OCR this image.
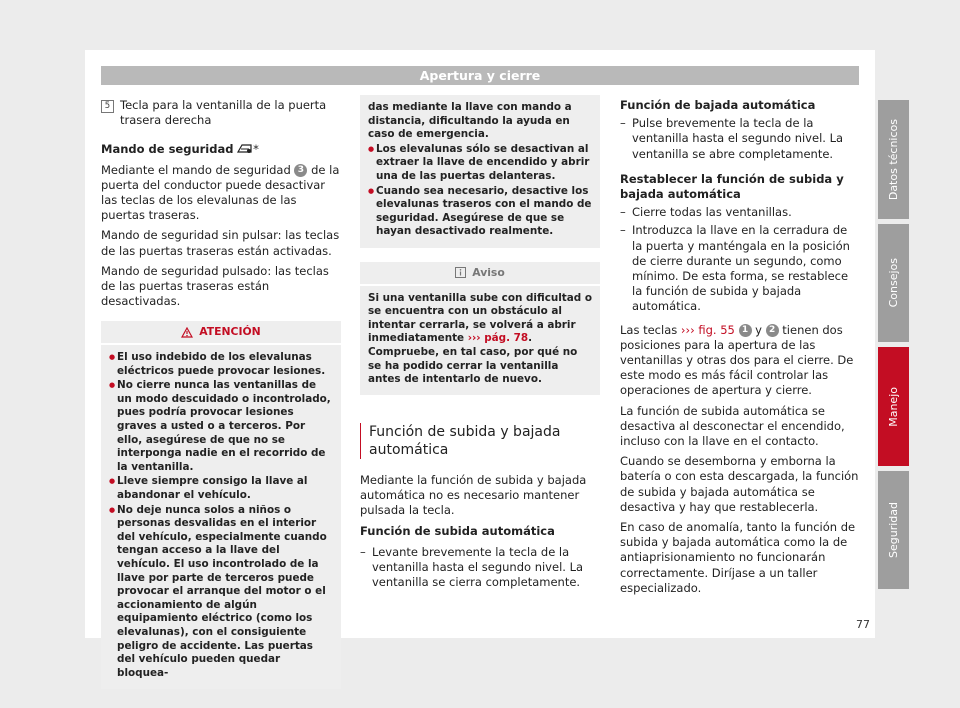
Apertura y cierre
5 Tecla para la ventanilla de la puerta trasera derecha

Mando de seguridad *

Mediante el mando de seguridad 3 de la puerta del conductor puede desactivar las teclas de los elevalunas de las puertas traseras.

Mando de seguridad sin pulsar: las teclas de las puertas traseras están activadas.

Mando de seguridad pulsado: las teclas de las puertas traseras están desactivadas.

ATENCIÓN
● El uso indebido de los elevalunas eléctricos puede provocar lesiones.
● No cierre nunca las ventanillas de un modo descuidado o incontrolado, pues podría provocar lesiones graves a usted o a terceros. Por ello, asegúrese de que no se interponga nadie en el recorrido de la ventanilla.
● Lleve siempre consigo la llave al abandonar el vehículo.
● No deje nunca solos a niños o personas desvalidas en el interior del vehículo, especialmente cuando tengan acceso a la llave del vehículo. El uso incontrolado de la llave por parte de terceros puede provocar el arranque del motor o el accionamiento de algún equipamiento eléctrico (como los elevalunas), con el consiguiente peligro de accidente. Las puertas del vehículo pueden quedar bloquea-

das mediante la llave con mando a distancia, dificultando la ayuda en caso de emergencia.

● Los elevalunas sólo se desactivan al extraer la llave de encendido y abrir una de las puertas delanteras.
● Cuando sea necesario, desactive los elevalunas traseros con el mando de seguridad. Asegúrese de que se hayan desactivado realmente.
Aviso
Si una ventanilla sube con dificultad o se encuentra con un obstáculo al intentar cerrarla, se volverá a abrir inmediatamente ››› pág. 78. Compruebe, en tal caso, por qué no se ha podido cerrar la ventanilla antes de intentarlo de nuevo.
Función de subida y bajada automática

Mediante la función de subida y bajada automática no es necesario mantener pulsada la tecla.

Función de subida automática

– Levante brevemente la tecla de la ventanilla hasta el segundo nivel. La ventanilla se cierra completamente.

Función de bajada automática

– Pulse brevemente la tecla de la ventanilla hasta el segundo nivel. La ventanilla se abre completamente.

Restablecer la función de subida y bajada automática

– Cierre todas las ventanillas.
– Introduzca la llave en la cerradura de la puerta y manténgala en la posición de cierre durante un segundo, como mínimo. De esta forma, se restablece la función de subida y bajada automática.

Las teclas ››› fig. 55 1 y 2 tienen dos posiciones para la apertura de las ventanillas y otras dos para el cierre. De este modo es más fácil controlar las operaciones de apertura y cierre.

La función de subida automática se desactiva al desconectar el encendido, incluso con la llave en el contacto.

Cuando se desemborna y emborna la batería o con esta descargada, la función de subida y bajada automática se desactiva y hay que restablecerla.

En caso de anomalía, tanto la función de subida y bajada automática como la de antiaprisionamiento no funcionarán correctamente. Diríjase a un taller especializado.

Datos técnicos
Consejos
Manejo
Seguridad
77
